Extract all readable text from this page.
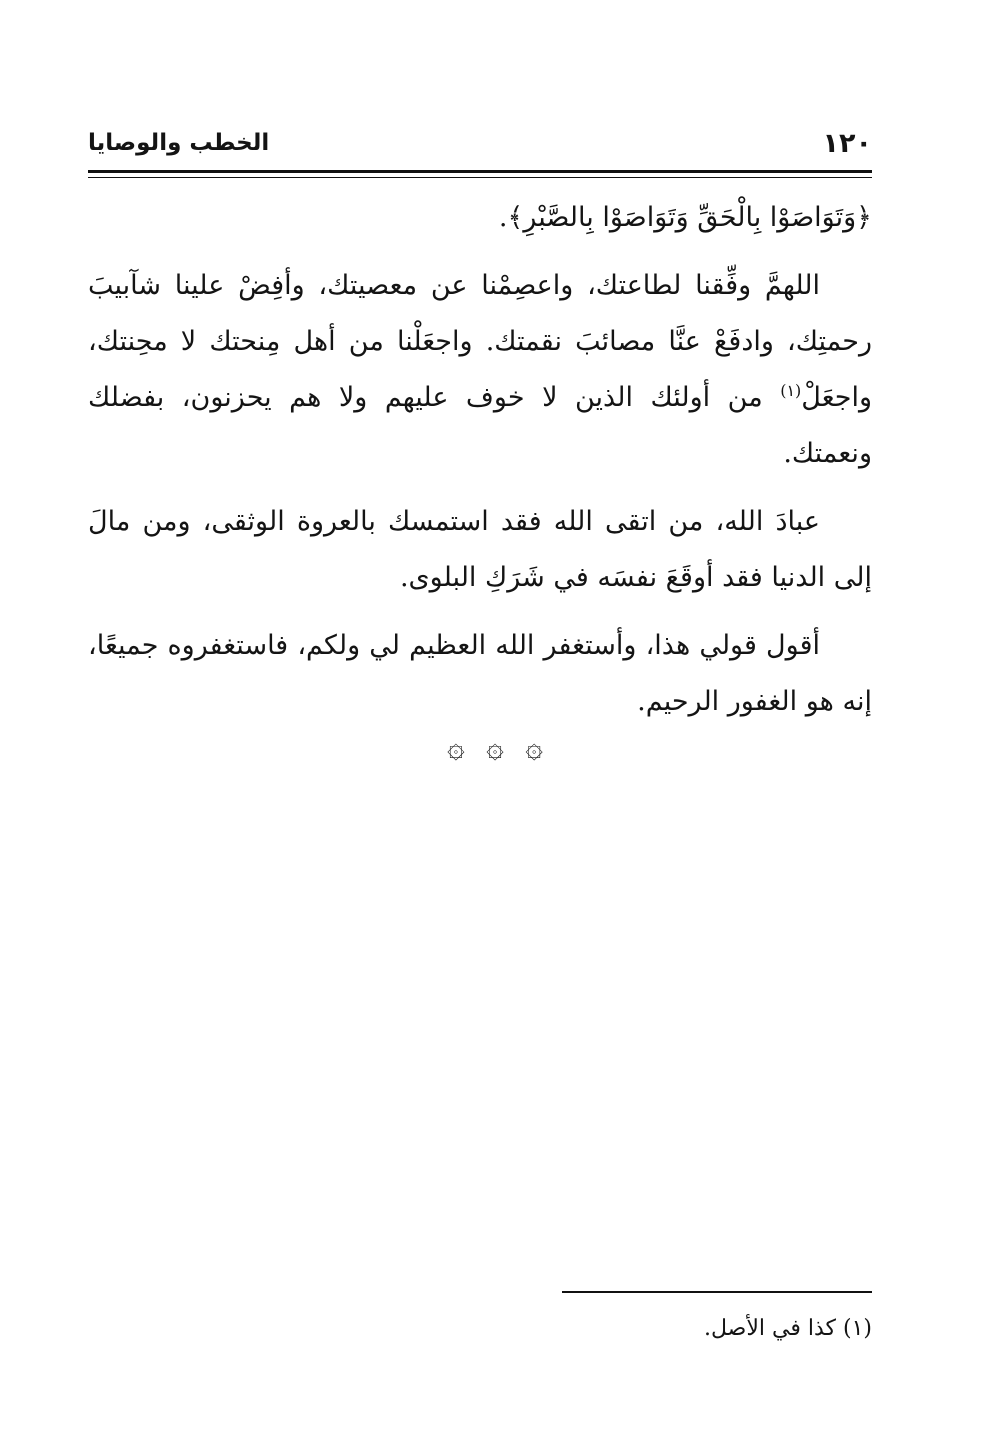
١٢٠
الخطب والوصايا

﴿وَتَوَاصَوْا بِالْحَقِّ وَتَوَاصَوْا بِالصَّبْرِ﴾.

اللهمَّ وفِّقنا لطاعتك، واعصِمْنا عن معصيتك، وأفِضْ علينا شآبيبَ رحمتِك، وادفَعْ عنَّا مصائبَ نقمتك. واجعَلْنا من أهل مِنحتك لا محِنتك، واجعَلْ$^{(١)}$ من أولئك الذين لا خوف عليهم ولا هم يحزنون، بفضلك ونعمتك.

عبادَ الله، من اتقى الله فقد استمسك بالعروة الوثقى، ومن مالَ إلى الدنيا فقد أوقَعَ نفسَه في شَرَكِ البلوى.

أقول قولي هذا، وأستغفر الله العظيم لي ولكم، فاستغفروه جميعًا، إنه هو الغفور الرحيم.

۞ ۞ ۞
(١) كذا في الأصل.
